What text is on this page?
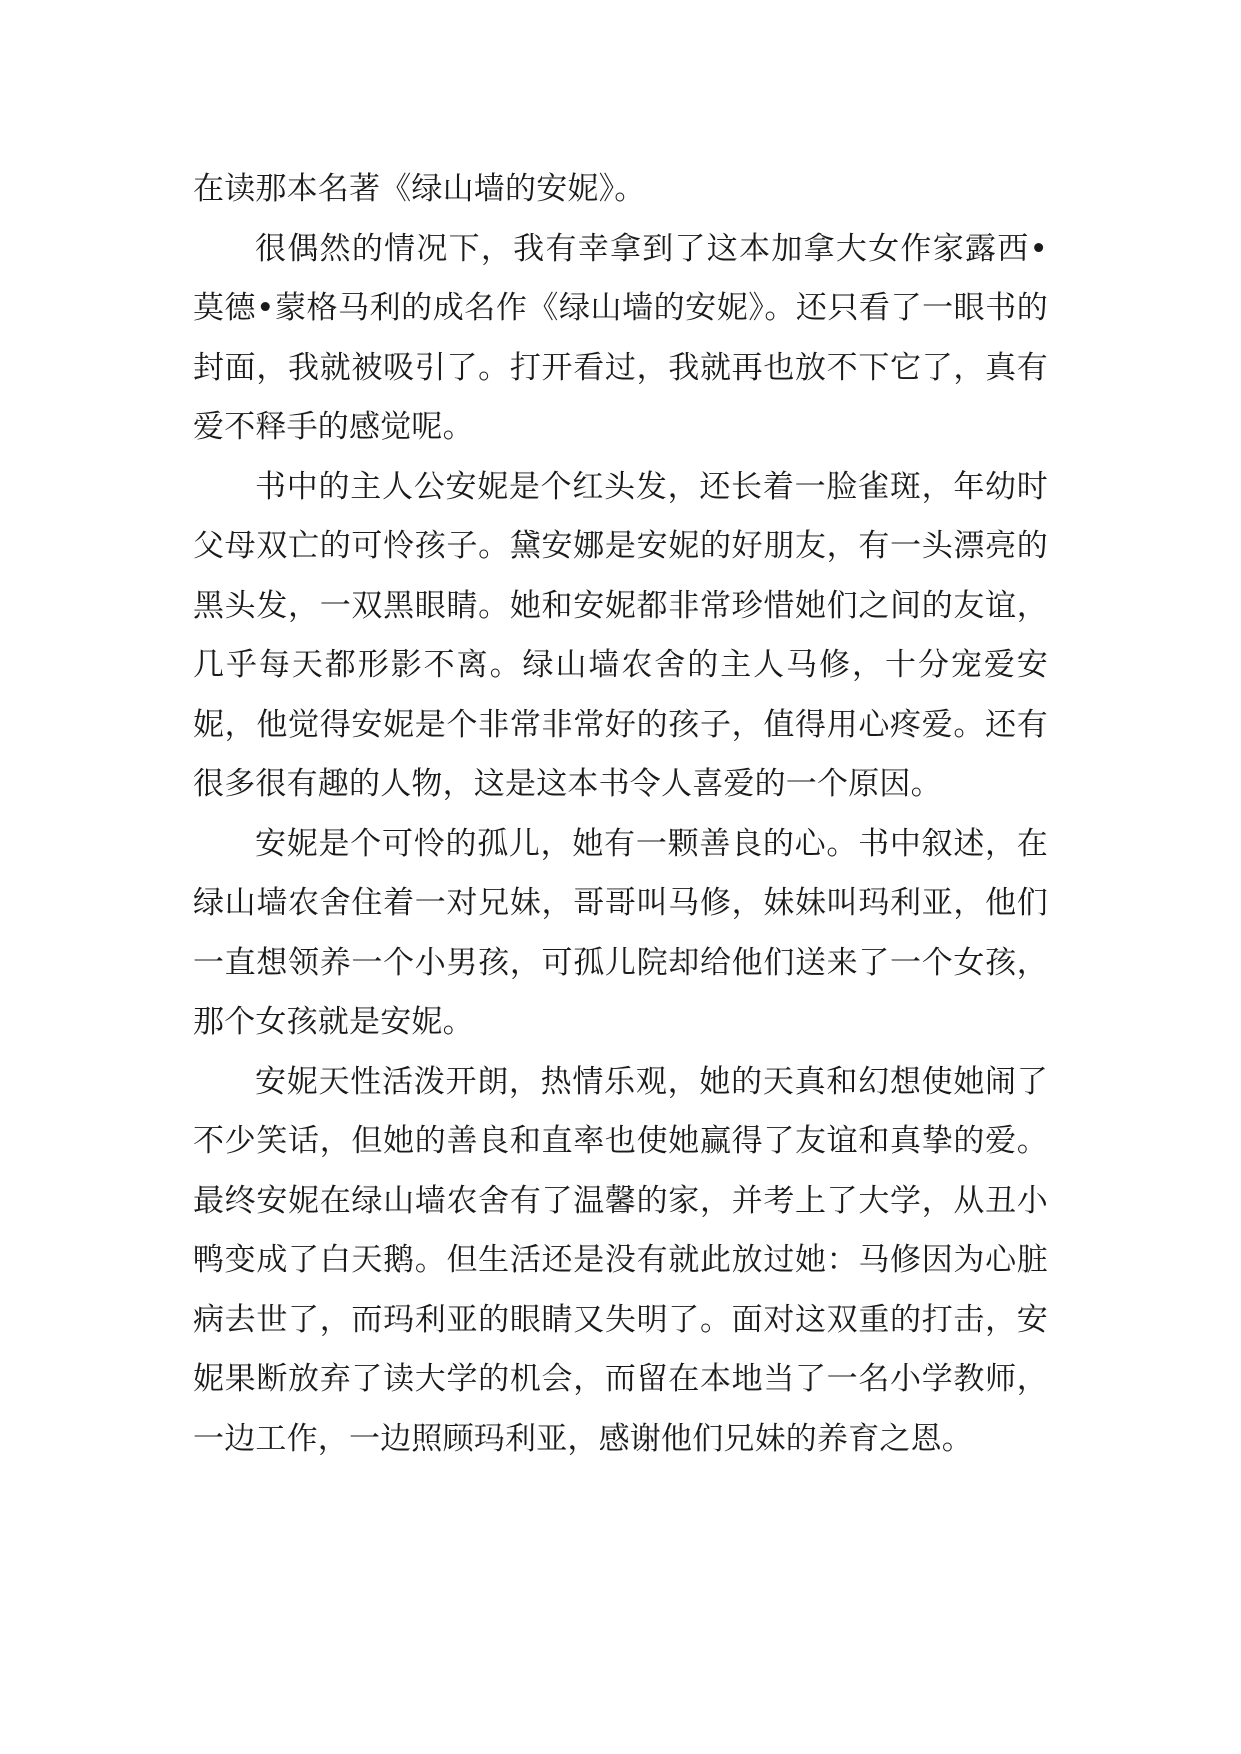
在读那本名著《绿山墙的安妮》。

很偶然的情况下，我有幸拿到了这本加拿大女作家露西•莫德•蒙格马利的成名作《绿山墙的安妮》。还只看了一眼书的封面，我就被吸引了。打开看过，我就再也放不下它了，真有爱不释手的感觉呢。

书中的主人公安妮是个红头发，还长着一脸雀斑，年幼时父母双亡的可怜孩子。黛安娜是安妮的好朋友，有一头漂亮的黑头发，一双黑眼睛。她和安妮都非常珍惜她们之间的友谊，几乎每天都形影不离。绿山墙农舍的主人马修，十分宠爱安妮，他觉得安妮是个非常非常好的孩子，值得用心疼爱。还有很多很有趣的人物，这是这本书令人喜爱的一个原因。

安妮是个可怜的孤儿，她有一颗善良的心。书中叙述，在绿山墙农舍住着一对兄妹，哥哥叫马修，妹妹叫玛利亚，他们一直想领养一个小男孩，可孤儿院却给他们送来了一个女孩，那个女孩就是安妮。

安妮天性活泼开朗，热情乐观，她的天真和幻想使她闹了不少笑话，但她的善良和直率也使她赢得了友谊和真挚的爱。最终安妮在绿山墙农舍有了温馨的家，并考上了大学，从丑小鸭变成了白天鹅。但生活还是没有就此放过她：马修因为心脏病去世了，而玛利亚的眼睛又失明了。面对这双重的打击，安妮果断放弃了读大学的机会，而留在本地当了一名小学教师，一边工作，一边照顾玛利亚，感谢他们兄妹的养育之恩。
